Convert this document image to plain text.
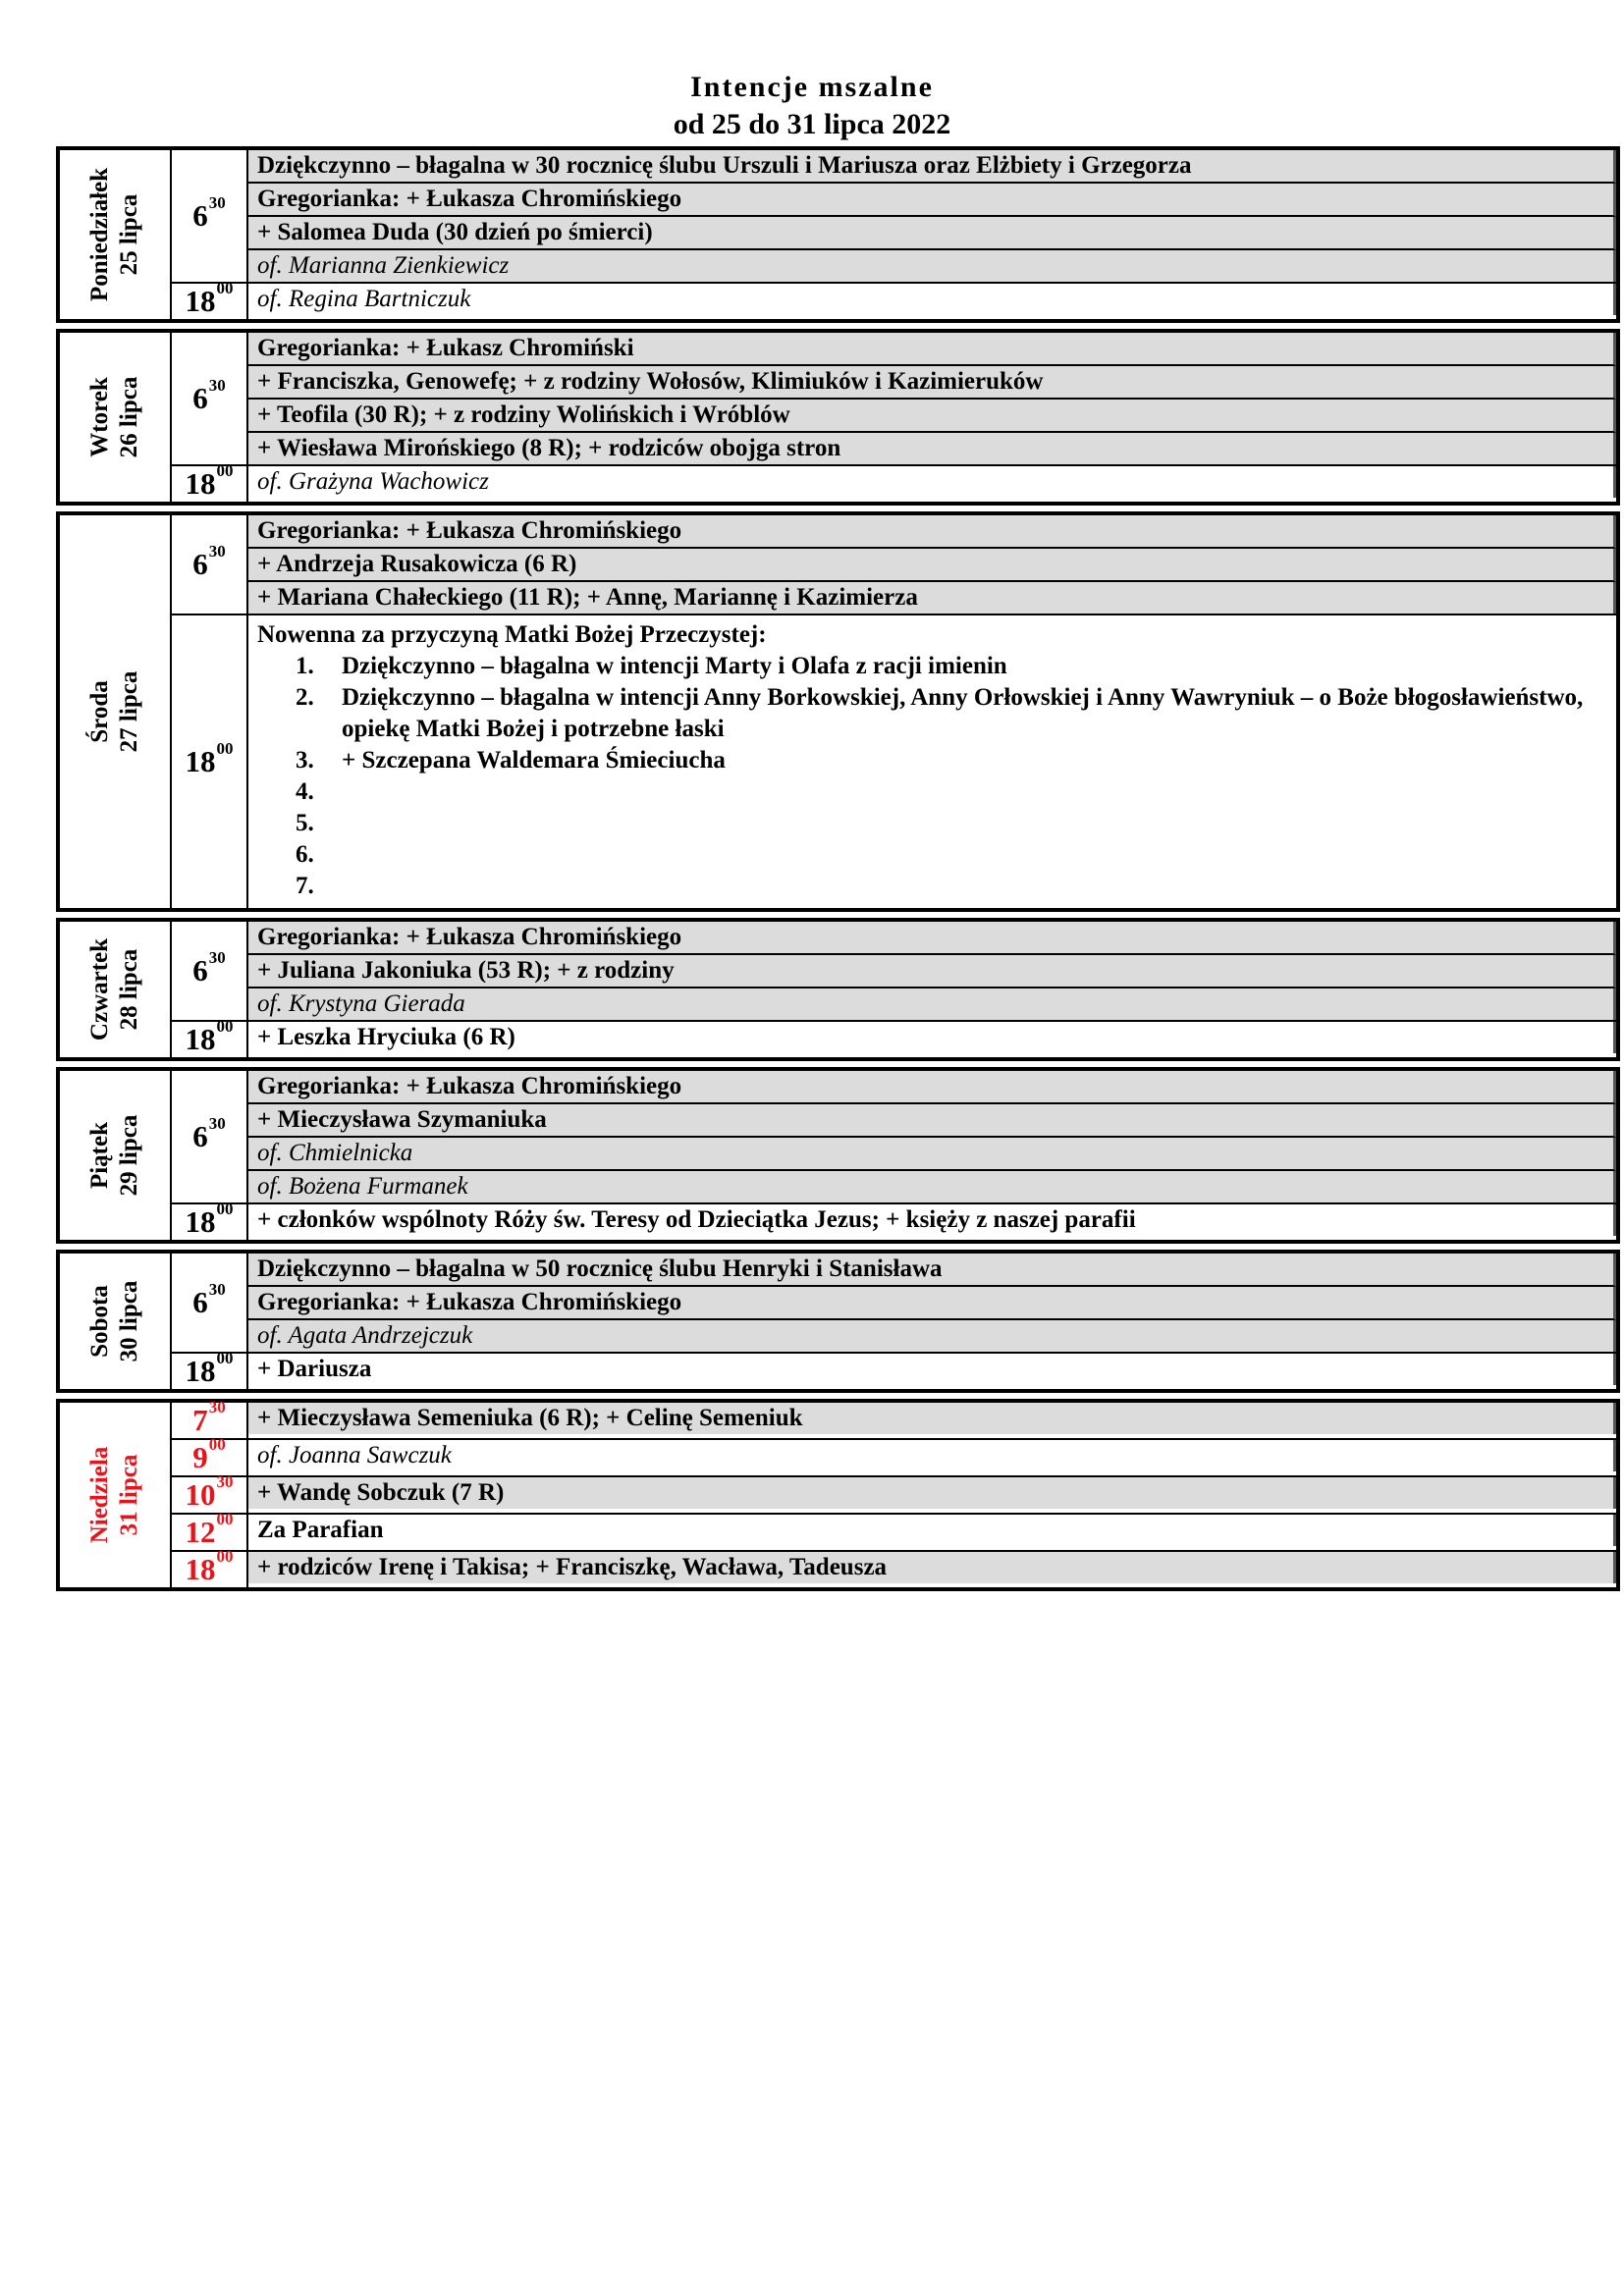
Intencje mszalne
od 25 do 31 lipca 2022
Poniedziałek 25 lipca $6^{30}$
Dziękczynno – błagalna w 30 rocznicę ślubu Urszuli i Mariusza oraz Elżbiety i Grzegorza
Gregorianka: + Łukasza Chromińskiego
+ Salomea Duda (30 dzień po śmierci)
of. Marianna Zienkiewicz
$18^{00}$ of. Regina Bartniczuk
Wtorek 26 lipca $6^{30}$
Gregorianka: + Łukasz Chromiński
+ Franciszka, Genowefę; + z rodziny Wołosów, Klimiuków i Kazimieruków
+ Teofila (30 R); + z rodziny Wolińskich i Wróblów
+ Wiesława Mirońskiego (8 R); + rodziców obojga stron
$18^{00}$ of. Grażyna Wachowicz
Środa 27 lipca
$6^{30}$
Gregorianka: + Łukasza Chromińskiego
+ Andrzeja Rusakowicza (6 R)
+ Mariana Chałeckiego (11 R); + Annę, Mariannę i Kazimierza
$18^{00}$
Nowenna za przyczyną Matki Bożej Przeczystej:
1. Dziękczynno – błagalna w intencji Marty i Olafa z racji imienin
2. Dziękczynno – błagalna w intencji Anny Borkowskiej, Anny Orłowskiej i Anny Wawryniuk – o Boże błogosławieństwo, opiekę Matki Bożej i potrzebne łaski
3. + Szczepana Waldemara Śmieciucha
4.
5.
6.
7.
Czwartek 28 lipca $6^{30}$
Gregorianka: + Łukasza Chromińskiego
+ Juliana Jakoniuka (53 R); + z rodziny
of. Krystyna Gierada
$18^{00}$ + Leszka Hryciuka (6 R)
Piątek 29 lipca $6^{30}$
Gregorianka: + Łukasza Chromińskiego
+ Mieczysława Szymaniuka
of. Chmielnicka
of. Bożena Furmanek
$18^{00}$ + członków wspólnoty Róży św. Teresy od Dzieciątka Jezus; + księży z naszej parafii
Sobota 30 lipca $6^{30}$
Dziękczynno – błagalna w 50 rocznicę ślubu Henryki i Stanisława
Gregorianka: + Łukasza Chromińskiego
of. Agata Andrzejczuk
$18^{00}$ + Dariusza
Niedziela 31 lipca
$7^{30}$	+ Mieczysława Semeniuka (6 R); + Celinę Semeniuk
$9^{00}$	of. Joanna Sawczuk
$10^{30}$ + Wandę Sobczuk (7 R)
$12^{00}$ Za Parafian
$18^{00}$ + rodziców Irenę i Takisa; + Franciszkę, Wacława, Tadeusza
